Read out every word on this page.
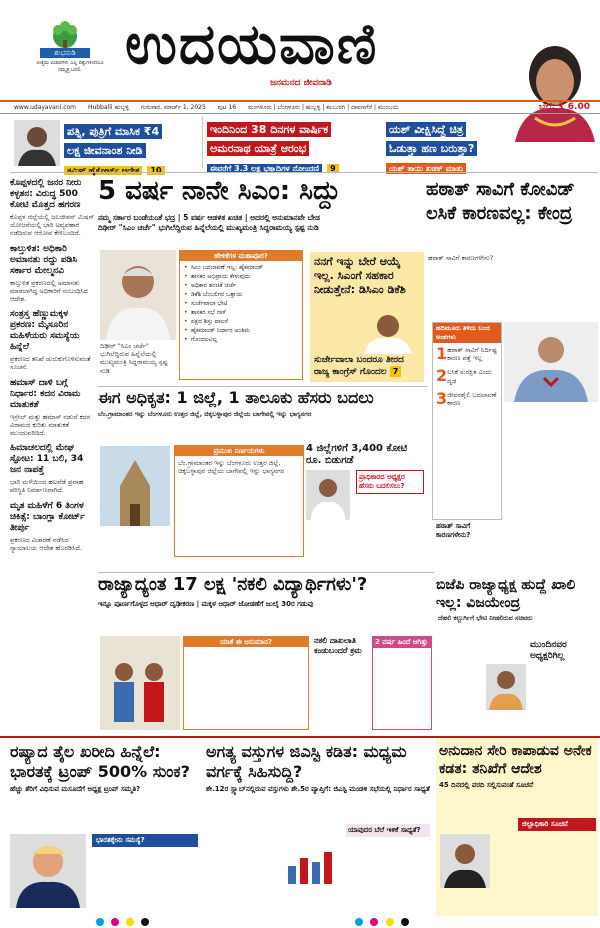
ಶುಭನುಡಿ
ಉತ್ತಮ ವಿಚಾರಗಳು ಎಲ್ಲ ದಿಕ್ಕುಗಳಿಂದಲೂ ನಮ್ಮತ್ತ ಬರಲಿ. ಉದಯವಾಣಿ
ಜನಮನದ ಜೀವನಾಡಿ
www.udayavani.com Hubballi ಹುಬ್ಬಳ್ಳಿ ಗುರುವಾರ, ಮಾರ್ಚ್ 1, 2025 ಪುಟ 16 ಮಂಗಳೂರು | ಬೆಂಗಳೂರು | ಹುಬ್ಬಳ್ಳಿ | ಕಲಬುರಗಿ | ದಾವಣಗೆರೆ | ಮುಂಬಯಿ	ಬೆಲೆ: ₹ 6.00
ಪತ್ನಿ, ಪುತ್ರಿಗೆ ಮಾಸಿಕ ₹4 ಲಕ್ಷ ಜೀವನಾಂಶ ನೀಡಿ
ತಮಿಳ್ ಹೈಕೋರ್ಟ್ ಆದೇಶ 10
ಇಂದಿನಿಂದ 38 ದಿನಗಳ ವಾರ್ಷಿಕ ಅಮರನಾಥ ಯಾತ್ರೆ ಆರಂಭ
ಈವರೆಗೆ 3.3 ಲಕ್ಷ ಭಕ್ತಾದಿಗಳ ನೋಂದಣಿ 9
ಯಶ್ ವೀಕ್ಷಿಸಿದ್ದೆ ಚಿತ್ರ ಓಡುತ್ತಾ ಹಣ ಬರುತ್ತಾ? ಯಶ್ ತಾಯಿ ಖಡಕ್ ಮಾತು
ಕೊಪ್ಪಳದಲ್ಲಿ ಜನರ ನೀರು ಕಳ್ಳತನ: ವಿರುದ್ಧ 500 ಕೋಟಿ ಮೊತ್ತದ ಹಗರಣ
ಕೊಪ್ಪಳ ಜಿಲ್ಲೆಯಲ್ಲಿ ಜಲಜೀವನ್ ಮಿಷನ್ ಯೋಜನೆಯಲ್ಲಿ ಭಾರಿ ಅವ್ಯವಹಾರ ನಡೆದಿರುವ ಆರೋಪ ಕೇಳಿಬಂದಿದೆ.
ಕಾಲ್ತುಳಿತ: ಅಧಿಕಾರಿ ಅಮಾನತು ರದ್ದು ಪಡಿಸಿ ಸರ್ಕಾರ ಮೇಲ್ಮನವಿ
ಕಾಲ್ತುಳಿತ ಪ್ರಕರಣದಲ್ಲಿ ಅಮಾನತು ಮಾಡಲಾಗಿದ್ದ ಅಧಿಕಾರಿಗೆ ಸಂಬಂಧಿಸಿದ ಆದೇಶ.
ಸಂತ್ರಸ್ತ ಹೆಣ್ಣುಮಕ್ಕಳ ಪ್ರಕರಣ: ಮೈಸೂರಿನ ಮಹಿಳೆಯರು ಸಮಸ್ಯೆಯ ಹಿನ್ನೆಲೆ
ಪ್ರಕರಣದ ತನಿಖೆ ಚುರುಕುಗೊಳಿಸುವಂತೆ ಸೂಚನೆ.
ಹಮಾಸ್ ದಾಳಿ ಬಗ್ಗೆ ನಿರ್ಧಾರ: ಕದನ ವಿರಾಮ ಮಾತುಕತೆ
ಇಸ್ರೇಲ್ ಮತ್ತು ಹಮಾಸ್ ನಡುವೆ ಕದನ ವಿರಾಮದ ಕುರಿತು ಮಾತುಕತೆ ಮುಂದುವರಿದಿದೆ.
ಹಿಮಾಚಲದಲ್ಲಿ ಮೇಘ ಸ್ಫೋಟ: 11 ಬಲಿ, 34 ಜನ ನಾಪತ್ತೆ
ಭಾರಿ ಮಳೆಯಿಂದ ಹಲವೆಡೆ ಪ್ರವಾಹ ಪರಿಸ್ಥಿತಿ ನಿರ್ಮಾಣವಾಗಿದೆ.
ಮೃತ ಮಹಿಳೆಗೆ 6 ತಿಂಗಳ ಚಿಕಿತ್ಸೆ: ಬಾಂಗ್ಲಾ ಕೋರ್ಟ್ ತೀರ್ಪು
ಪ್ರಕರಣದ ವಿಚಾರಣೆ ನಡೆಸಿದ ನ್ಯಾಯಾಲಯ ಆದೇಶ ಹೊರಡಿಸಿದೆ.
5 ವರ್ಷ ನಾನೇ ಸಿಎಂ: ಸಿದ್ದು
ನಮ್ಮ ಸರ್ಕಾರ ಬಂಡೆಯಂತೆ ಭದ್ರ | 5 ವರ್ಷ ಆಡಳಿತ ಖಚಿತ | ಅದರಲ್ಲಿ ಅನುಮಾನವೇ ಬೇಡ
ದಿಢೀರ್ "ಸಿಎಂ ಚರ್ಚೆ" ಭುಗಿಲೆದ್ದಿರುವ ಹಿನ್ನೆಲೆಯಲ್ಲಿ ಮುಖ್ಯಮಂತ್ರಿ ಸಿದ್ದರಾಮಯ್ಯ ಸ್ಪಷ್ಟ ನುಡಿ
ದಿಢೀರ್ "ಸಿಎಂ ಚರ್ಚೆ" ಭುಗಿಲೆದ್ದಿರುವ ಹಿನ್ನೆಲೆಯಲ್ಲಿ ಮುಖ್ಯಮಂತ್ರಿ ಸಿದ್ದರಾಮಯ್ಯ ಸ್ಪಷ್ಟ ನುಡಿ
ಹೇಳಿಕೆಗಳ ಮಹಾಪೂರ?
• ಸಿಎಂ ಬದಲಾವಣೆ ಇಲ್ಲ: ಹೈಕಮಾಂಡ್
• ಶಾಸಕರ ಅಭಿಪ್ರಾಯ ಕೇಳುವುದು
• ಅಧಿಕಾರ ಹಂಚಿಕೆ ಚರ್ಚೆ
• ಡಿಕೆಶಿ ಬೆಂಬಲಿಗರ ಒತ್ತಾಯ
• ಸುರ್ಜೆವಾಲಾ ಭೇಟಿ
• ಶಾಸಕರ ಸಭೆ ನಾಳೆ
• ಪಕ್ಷದ ಶಿಸ್ತು ಪಾಲನೆ
• ಹೈಕಮಾಂಡ್ ನಿರ್ಧಾರ ಅಂತಿಮ
• ಗೊಂದಲವಿಲ್ಲ
ನನಗೆ ಇನ್ನು ಬೇರೆ ಆಯ್ಕೆ ಇಲ್ಲ. ಸಿಎಂಗೆ ಸಹಕಾರ ನೀಡುತ್ತೇನೆ: ಡಿಸಿಎಂ ಡಿಕೆಶಿ
ಸುರ್ಜೇವಾಲಾ ಬಂದರೂ ತೀರದ ರಾಜ್ಯ ಕಾಂಗ್ರೆಸ್ ಗೊಂದಲ 7
ಹಠಾತ್ ಸಾವಿಗೆ ಕೋವಿಡ್ ಲಸಿಕೆ ಕಾರಣವಲ್ಲ: ಕೇಂದ್ರ
ಹಠಾತ್ ಸಾವಿಗೆ ಕಾರಣಗಳೇನು?
ಹದಿಮೂರು ತಿಳಿದು ಬಂದ ಅಂಶಗಳು
1 ಹಠಾತ್ ಸಾವಿಗೆ ನಿರ್ದಿಷ್ಟ ಕಾರಣ ಪತ್ತೆ ಇಲ್ಲ
2 ಲಸಿಕೆ ಸುರಕ್ಷಿತ ಎಂದು ದೃಢ
3 ಜೀವನಶೈಲಿ ಬದಲಾವಣೆ ಕಾರಣ
ಹಠಾತ್ ಸಾವಿಗೆ ಕಾರಣಗಳೇನು?
ಈಗ ಅಧಿಕೃತ: 1 ಜಿಲ್ಲೆ, 1 ತಾಲೂಕು ಹೆಸರು ಬದಲು
ಬೆಂ.ಗ್ರಾಮಾಂತರ ಇನ್ನು ಬೆಂಗಳೂರು ಉತ್ತರ ಜಿಲ್ಲೆ, ಚಿಕ್ಕಬಳ್ಳಾಪುರ ಜಿಲ್ಲೆಯ ಬಾಗೇಪಲ್ಲಿ ಇನ್ನು ಭಾಗ್ಯನಗರ
ಪ್ರಮುಖ ನಿರ್ಣಯಗಳು
ಬೆಂ.ಗ್ರಾಮಾಂತರ ಇನ್ನು ಬೆಂಗಳೂರು ಉತ್ತರ ಜಿಲ್ಲೆ, ಚಿಕ್ಕಬಳ್ಳಾಪುರ ಜಿಲ್ಲೆಯ ಬಾಗೇಪಲ್ಲಿ ಇನ್ನು ಭಾಗ್ಯನಗರ
4 ಜಿಲ್ಲೆಗಳಿಗೆ 3,400 ಕೋಟಿ ರೂ. ಬಿಡುಗಡೆ
ಪ್ರಾಧಿಕಾರದ ಅಧ್ಯಕ್ಷರ ಹೆಸರು ಬದಲಿಸಲು?
ರಾಜ್ಯಾದ್ಯಂತ 17 ಲಕ್ಷ 'ನಕಲಿ ವಿದ್ಯಾರ್ಥಿಗಳು'?
ಇನ್ನೂ ಪೂರ್ಣಗೊಳ್ಳದ ಆಧಾರ್ ದೃಢೀಕರಣ | ಮಕ್ಕಳ ಆಧಾರ್ ಜೋಡಣೆಗೆ ಜುಲೈ 30ರ ಗಡುವು
ಯಾಕೆ ಈ ಅನುಮಾನ?	ನಕಲಿ ದಾಖಲಾತಿ ಕಂಡುಬಂದರೆ ಕ್ರಮ
2 ವರ್ಷ ಹಿಂದೆ ಆಗಿತ್ತು
ಬಿಜೆಪಿ ರಾಜ್ಯಾಧ್ಯಕ್ಷ ಹುದ್ದೆ ಖಾಲಿ ಇಲ್ಲ: ವಿಜಯೇಂದ್ರ
ದೆಹಲಿ ಕಲ್ಬುರ್ಗಿಗೆ ಭೇಟಿ ನೀಡಲಿರುವ ಸಚಿವರು
ಮುಂದಿನವರ ಅಧ್ಯಕ್ಷರಿಗಿಲ್ಲ
ರಷ್ಯಾದ ತೈಲ ಖರೀದಿ ಹಿನ್ನೆಲೆ: ಭಾರತಕ್ಕೆ ಟ್ರಂಪ್ 500% ಸುಂಕ?
ಹೆಚ್ಚು ತೆರಿಗೆ ವಿಧಿಸುವ ಮಸೂದೆಗೆ ಅಧ್ಯಕ್ಷ ಟ್ರಂಪ್ ಸಮ್ಮತಿ?
ಭಾರತಕ್ಕೇನು ಸಮಸ್ಯೆ?
ಅಗತ್ಯ ವಸ್ತುಗಳ ಜಿಎಸ್ಟಿ ಕಡಿತ: ಮಧ್ಯಮ ವರ್ಗಕ್ಕೆ ಸಿಹಿಸುದ್ದಿ?
ಶೇ.12ರ ಸ್ಲ್ಯಾಬ್‌ನಲ್ಲಿರುವ ವಸ್ತುಗಳು ಶೇ.5ರ ವ್ಯಾಪ್ತಿಗೆ: ಜಿಎಸ್ಟಿ ಮಂಡಳಿ ಸಭೆಯಲ್ಲಿ ನಿರ್ಧಾರ ಸಾಧ್ಯತೆ
ಯಾವುದರ ಬೆಲೆ ಇಳಿಕೆ ಸಾಧ್ಯತೆ?
ಅನುದಾನ ಸೇರಿ ಕಾಪಾಡುವ ಅನೇಕ ಕಡತ: ತನಿಖೆಗೆ ಆದೇಶ
45 ದಿನದಲ್ಲಿ ವರದಿ ಸಲ್ಲಿಸುವಂತೆ ಸೂಚನೆ
ಜಿಲ್ಲಾಧಿಕಾರಿ ಸೂಚನೆ
